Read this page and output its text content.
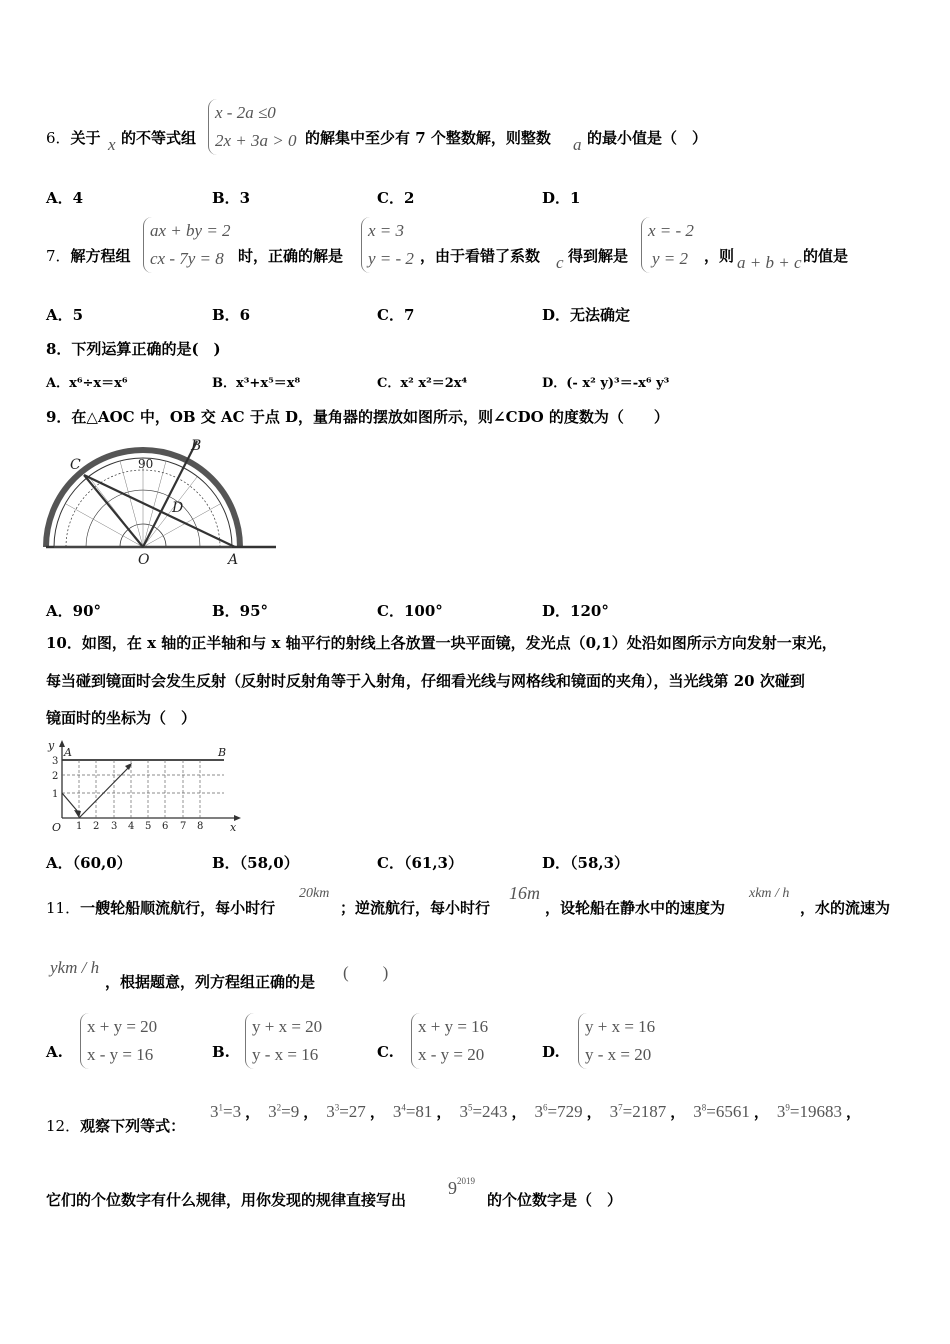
6．关于 x 的不等式组
x - 2a ≤0
2x + 3a > 0 的解集中至少有 7 个整数解，则整数 a 的最小值是（　）
A．4	B．3	C．2	D．1
7．解方程组
ax + by = 2
cx - 7y = 8 时，正确的解是
x = 3
y = - 2 ，由于看错了系数 c 得到解是
x = - 2
y = 2	，则 a + b + c 的值是
A．5	B．6	C．7	D．无法确定
8．下列运算正确的是(　)
A．x⁶÷x＝x⁶	B．x³+x⁵＝x⁸	C．x² x²＝2x⁴	D．(- x² y)³＝-x⁶ y³
9．在△AOC 中，OB 交 AC 于点 D，量角器的摆放如图所示，则∠CDO 的度数为（　　）
B
C	90
D
O	A
A．90°	B．95°	C．100°	D．120°
10．如图，在 x 轴的正半轴和与 x 轴平行的射线上各放置一块平面镜，发光点（0,1）处沿如图所示方向发射一束光，
每当碰到镜面时会发生反射（反射时反射角等于入射角，仔细看光线与网格线和镜面的夹角），当光线第 20 次碰到
镜面时的坐标为（　）
y
x
O
A	B
3
2
1
1 2 3 4 5 6 7 8
A．（60,0）	B．（58,0）	C．（61,3）	D．（58,3）
11．一艘轮船顺流航行，每小时行
20km
；逆流航行，每小时行
16m
，设轮船在静水中的速度为
xkm / h
，水的流速为
ykm / h
，根据题意，列方程组正确的是 (　　)
A.
x + y = 20
x - y = 16	B.
y + x = 20
y - x = 16	C.
x + y = 16
x - y = 20	D.
y + x = 16
y - x = 20
12．观察下列等式：
$3^1=3$ ， $3^2=9$ ， $3^3=27$ ， $3^4=81$ ， $3^5=243$ ， $3^6=729$ ， $3^7=2187$ ， $3^8=6561$ ， $3^9=19683$ ，
它们的个位数字有什么规律，用你发现的规律直接写出
$9^{2019}$
的个位数字是（　）
